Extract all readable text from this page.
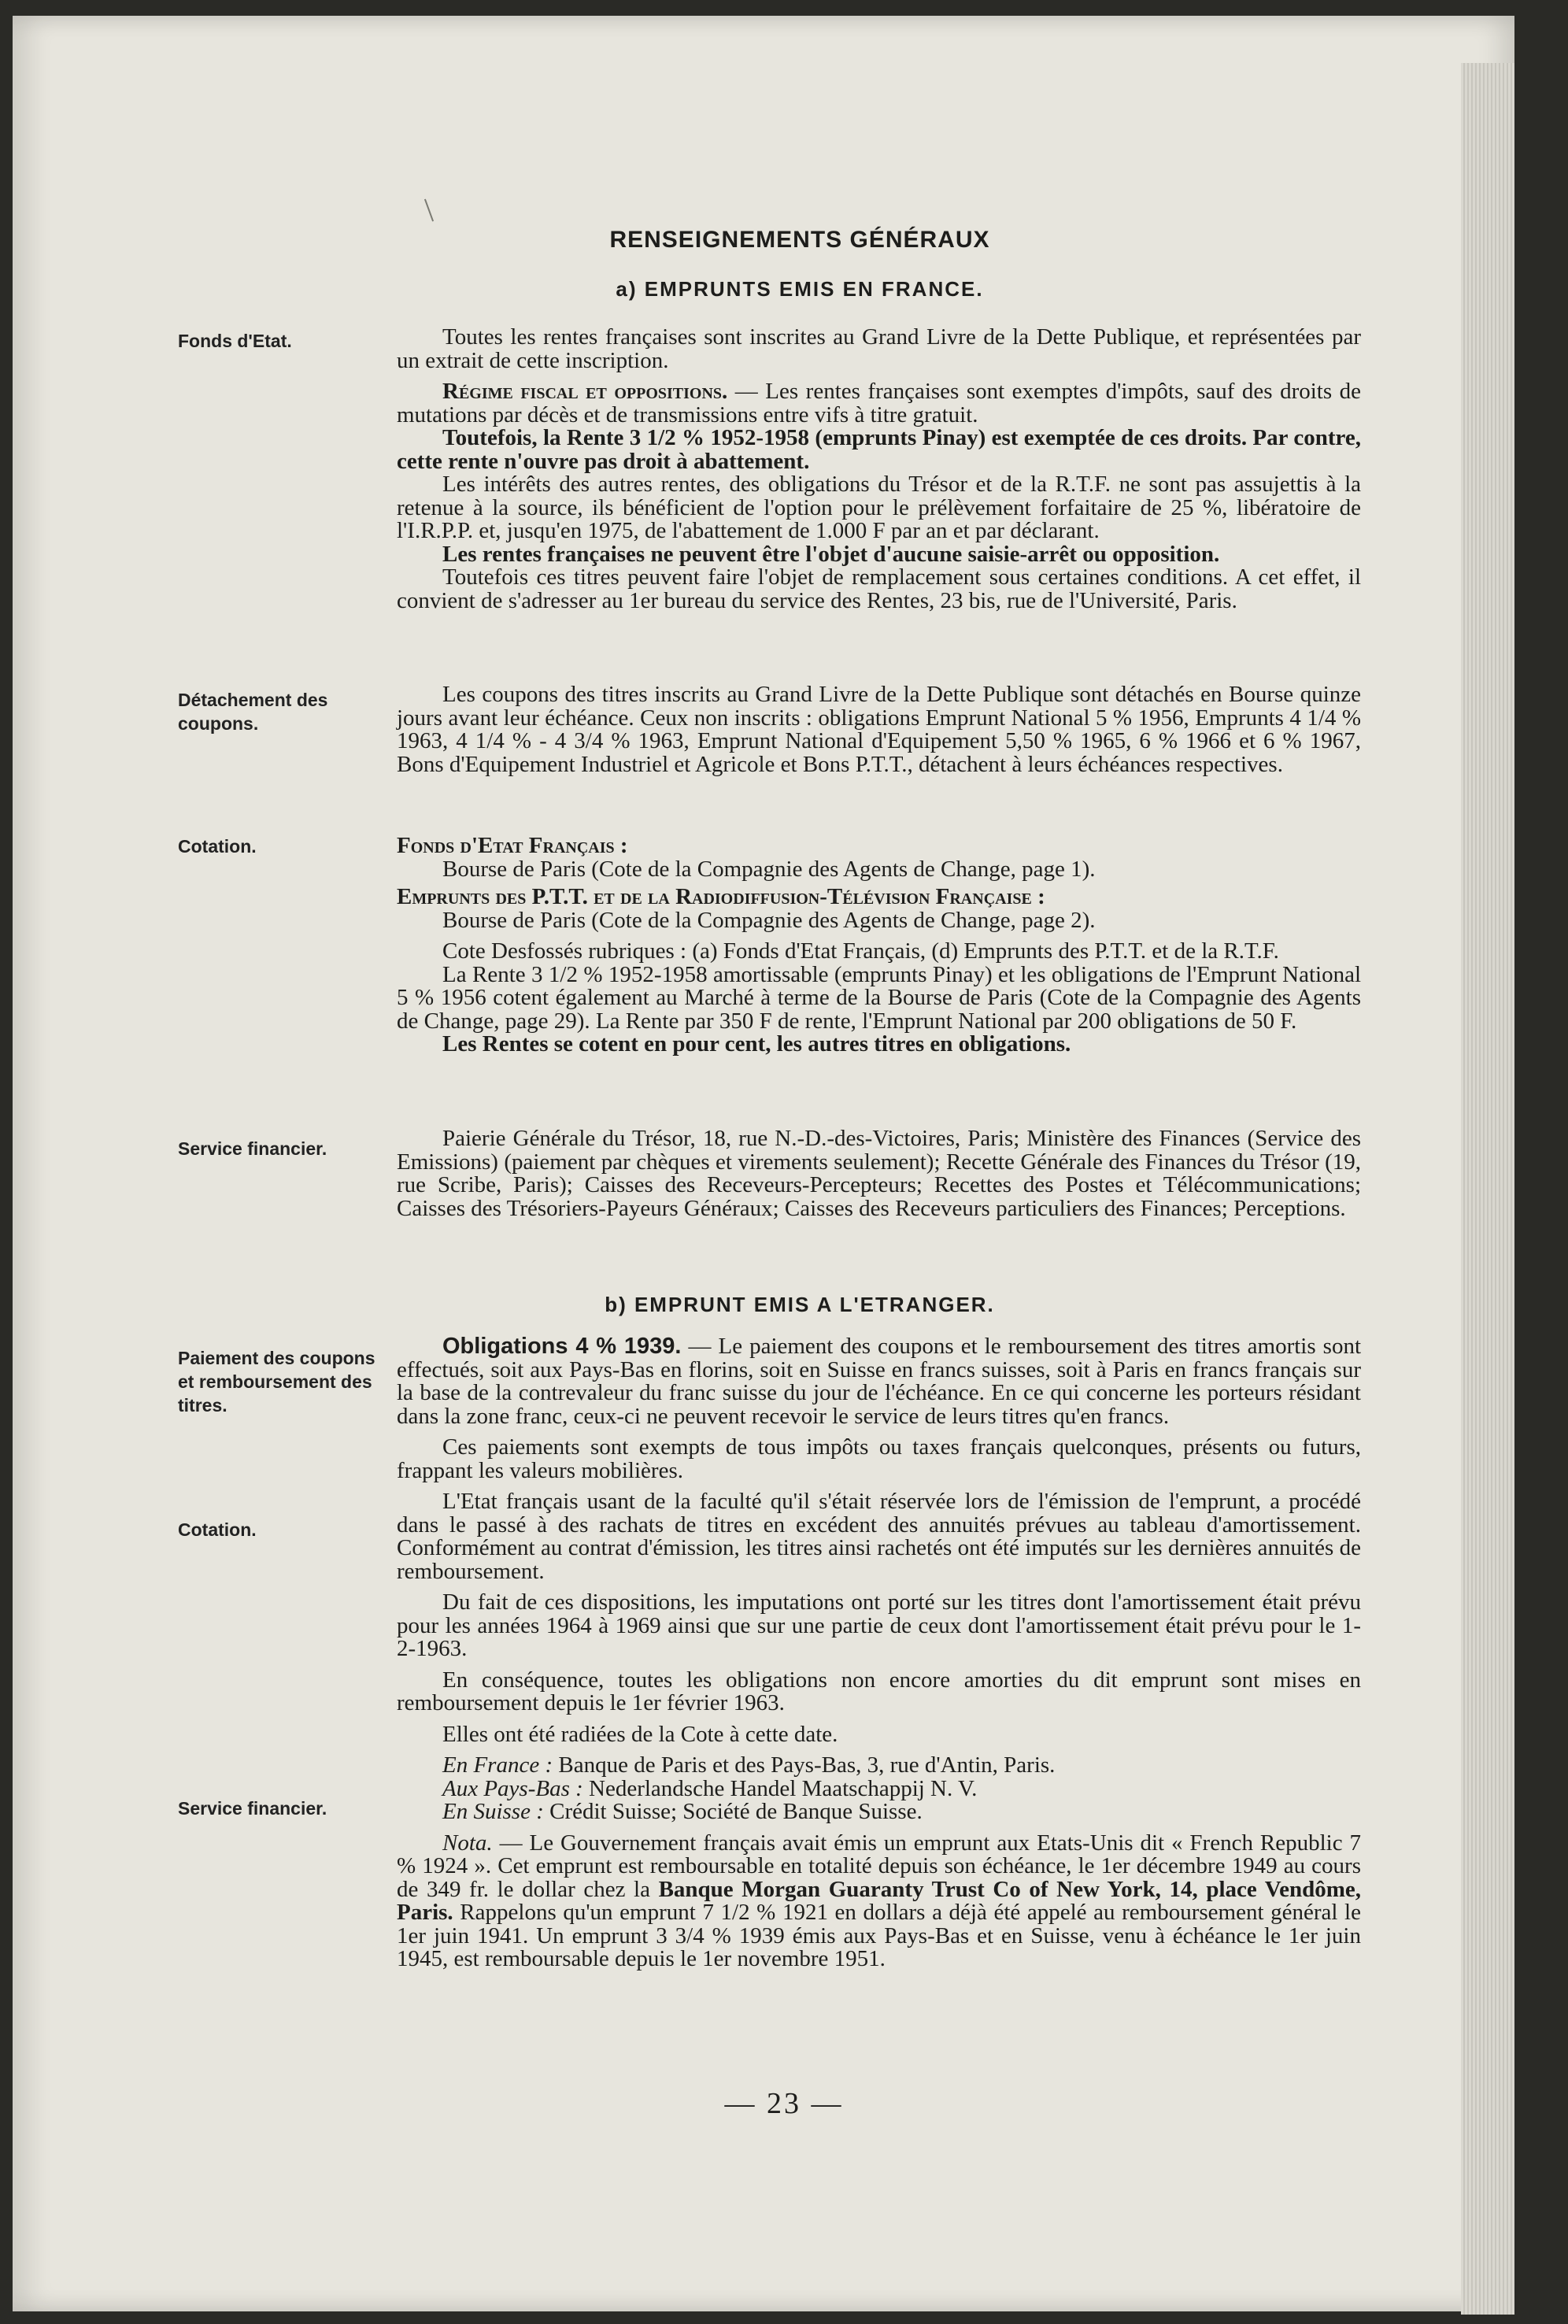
RENSEIGNEMENTS GÉNÉRAUX
a) EMPRUNTS EMIS EN FRANCE.
Fonds d'Etat.
Détachement des coupons.
Cotation.
Service financier.
Paiement des coupons et remboursement des titres.
Cotation.
Service financier.

Toutes les rentes françaises sont inscrites au Grand Livre de la Dette Publique, et représentées par un extrait de cette inscription.

Régime fiscal et oppositions. — Les rentes françaises sont exemptes d'impôts, sauf des droits de mutations par décès et de transmissions entre vifs à titre gratuit.

Toutefois, la Rente 3 1/2 % 1952-1958 (emprunts Pinay) est exemptée de ces droits. Par contre, cette rente n'ouvre pas droit à abattement.

Les intérêts des autres rentes, des obligations du Trésor et de la R.T.F. ne sont pas assujettis à la retenue à la source, ils bénéficient de l'option pour le prélèvement forfaitaire de 25 %, libératoire de l'I.R.P.P. et, jusqu'en 1975, de l'abattement de 1.000 F par an et par déclarant.

Les rentes françaises ne peuvent être l'objet d'aucune saisie-arrêt ou opposition.

Toutefois ces titres peuvent faire l'objet de remplacement sous certaines conditions. A cet effet, il convient de s'adresser au 1er bureau du service des Rentes, 23 bis, rue de l'Université, Paris.

Les coupons des titres inscrits au Grand Livre de la Dette Publique sont détachés en Bourse quinze jours avant leur échéance. Ceux non inscrits : obligations Emprunt National 5 % 1956, Emprunts 4 1/4 % 1963, 4 1/4 % - 4 3/4 % 1963, Emprunt National d'Equipement 5,50 % 1965, 6 % 1966 et 6 % 1967, Bons d'Equipement Industriel et Agricole et Bons P.T.T., détachent à leurs échéances respectives.

Fonds d'Etat Français :

Bourse de Paris (Cote de la Compagnie des Agents de Change, page 1).

Emprunts des P.T.T. et de la Radiodiffusion-Télévision Française :

Bourse de Paris (Cote de la Compagnie des Agents de Change, page 2).

Cote Desfossés rubriques : (a) Fonds d'Etat Français, (d) Emprunts des P.T.T. et de la R.T.F.

La Rente 3 1/2 % 1952-1958 amortissable (emprunts Pinay) et les obligations de l'Emprunt National 5 % 1956 cotent également au Marché à terme de la Bourse de Paris (Cote de la Compagnie des Agents de Change, page 29). La Rente par 350 F de rente, l'Emprunt National par 200 obligations de 50 F.

Les Rentes se cotent en pour cent, les autres titres en obligations.

Paierie Générale du Trésor, 18, rue N.-D.-des-Victoires, Paris; Ministère des Finances (Service des Emissions) (paiement par chèques et virements seulement); Recette Générale des Finances du Trésor (19, rue Scribe, Paris); Caisses des Receveurs-Percepteurs; Recettes des Postes et Télécommunications; Caisses des Trésoriers-Payeurs Généraux; Caisses des Receveurs particuliers des Finances; Perceptions.

b) EMPRUNT EMIS A L'ETRANGER.

Obligations 4 % 1939. — Le paiement des coupons et le remboursement des titres amortis sont effectués, soit aux Pays-Bas en florins, soit en Suisse en francs suisses, soit à Paris en francs français sur la base de la contrevaleur du franc suisse du jour de l'échéance. En ce qui concerne les porteurs résidant dans la zone franc, ceux-ci ne peuvent recevoir le service de leurs titres qu'en francs.

Ces paiements sont exempts de tous impôts ou taxes français quelconques, présents ou futurs, frappant les valeurs mobilières.

L'Etat français usant de la faculté qu'il s'était réservée lors de l'émission de l'emprunt, a procédé dans le passé à des rachats de titres en excédent des annuités prévues au tableau d'amortissement. Conformément au contrat d'émission, les titres ainsi rachetés ont été imputés sur les dernières annuités de remboursement.

Du fait de ces dispositions, les imputations ont porté sur les titres dont l'amortissement était prévu pour les années 1964 à 1969 ainsi que sur une partie de ceux dont l'amortissement était prévu pour le 1-2-1963.

En conséquence, toutes les obligations non encore amorties du dit emprunt sont mises en remboursement depuis le 1er février 1963.

Elles ont été radiées de la Cote à cette date.

En France : Banque de Paris et des Pays-Bas, 3, rue d'Antin, Paris.

Aux Pays-Bas : Nederlandsche Handel Maatschappij N. V.

En Suisse : Crédit Suisse; Société de Banque Suisse.

Nota. — Le Gouvernement français avait émis un emprunt aux Etats-Unis dit « French Republic 7 % 1924 ». Cet emprunt est remboursable en totalité depuis son échéance, le 1er décembre 1949 au cours de 349 fr. le dollar chez la Banque Morgan Guaranty Trust Co of New York, 14, place Vendôme, Paris. Rappelons qu'un emprunt 7 1/2 % 1921 en dollars a déjà été appelé au remboursement général le 1er juin 1941. Un emprunt 3 3/4 % 1939 émis aux Pays-Bas et en Suisse, venu à échéance le 1er juin 1945, est remboursable depuis le 1er novembre 1951.

— 23 —
